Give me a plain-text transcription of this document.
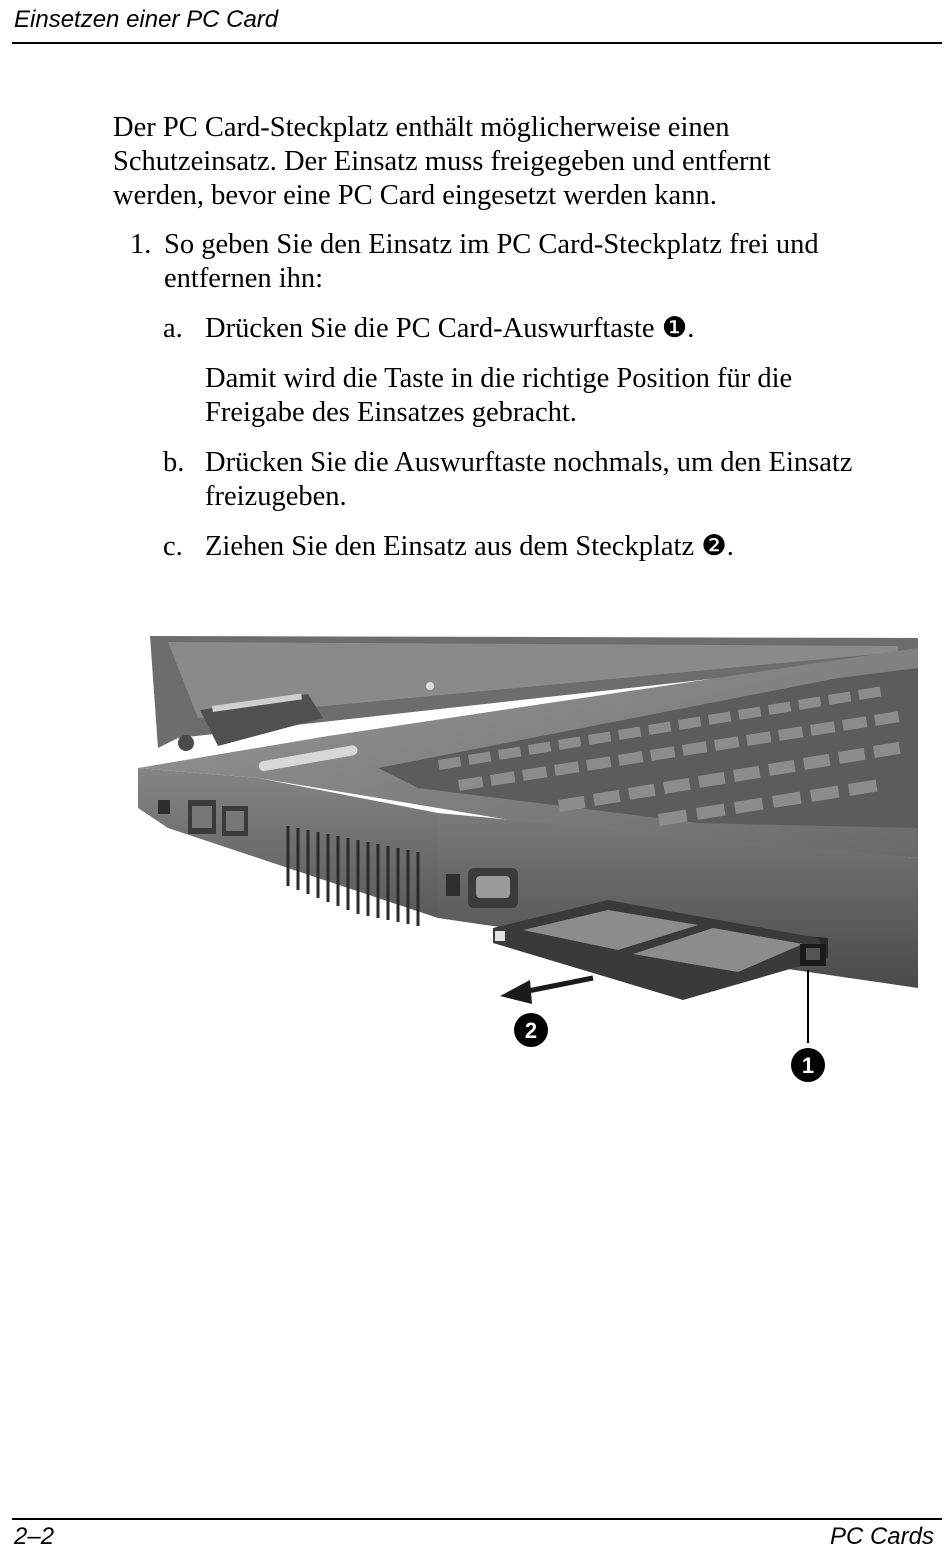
Einsetzen einer PC Card
Der PC Card-Steckplatz enthält möglicherweise einen
Schutzeinsatz. Der Einsatz muss freigegeben und entfernt
werden, bevor eine PC Card eingesetzt werden kann.
1. So geben Sie den Einsatz im PC Card-Steckplatz frei und
entfernen ihn:
a. Drücken Sie die PC Card-Auswurftaste ❶.
Damit wird die Taste in die richtige Position für die
Freigabe des Einsatzes gebracht.
b. Drücken Sie die Auswurftaste nochmals, um den Einsatz
freizugeben.
c. Ziehen Sie den Einsatz aus dem Steckplatz ❷.
2
1
2–2	PC Cards
